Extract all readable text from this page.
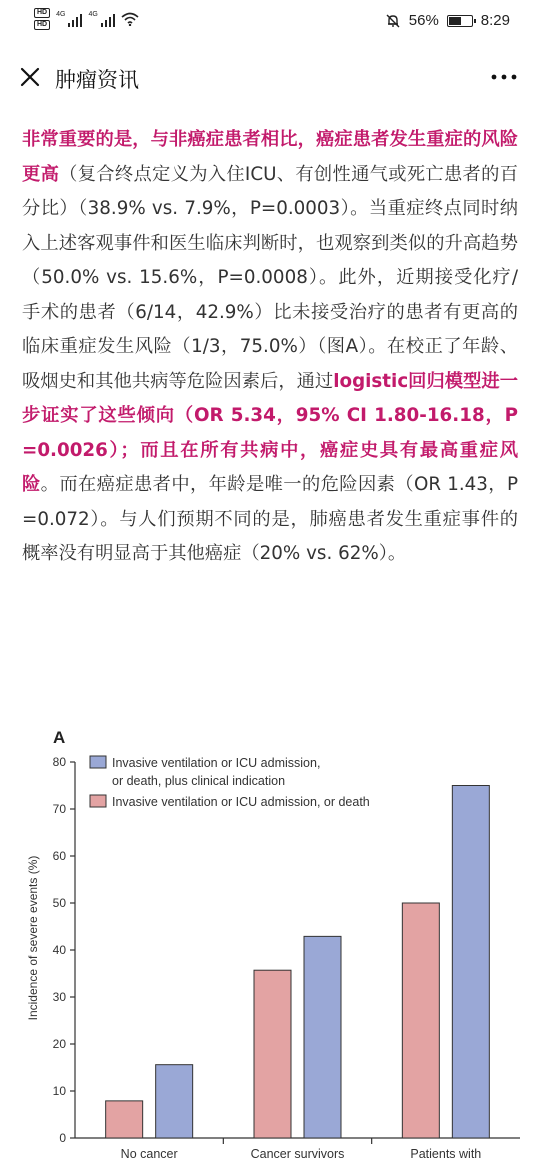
HD
HD
4G	4G	56%	8:29
肿瘤资讯
非常重要的是，与非癌症患者相比，癌症患者发生重症的风险更高（复合终点定义为入住ICU、有创性通气或死亡患者的百分比）（38.9% vs. 7.9%，P=0.0003）。当重症终点同时纳入上述客观事件和医生临床判断时，也观察到类似的升高趋势（50.0% vs. 15.6%，P=0.0008）。此外，近期接受化疗/手术的患者（6/14，42.9%）比未接受治疗的患者有更高的临床重症发生风险（1/3，75.0%）（图A）。在校正了年龄、吸烟史和其他共病等危险因素后，通过logistic回归模型进一步证实了这些倾向（OR 5.34，95% CI 1.80-16.18，P=0.0026）；而且在所有共病中，癌症史具有最高重症风险。而在癌症患者中，年龄是唯一的危险因素（OR 1.43，P=0.072）。与人们预期不同的是，肺癌患者发生重症事件的概率没有明显高于其他癌症（20% vs. 62%）。
A
Incidence of severe events (%)
0
10
20
30
40
50
60
70
80
No cancer	Cancer survivors	Patients with
Invasive ventilation or ICU admission,
or death, plus clinical indication
Invasive ventilation or ICU admission, or death
